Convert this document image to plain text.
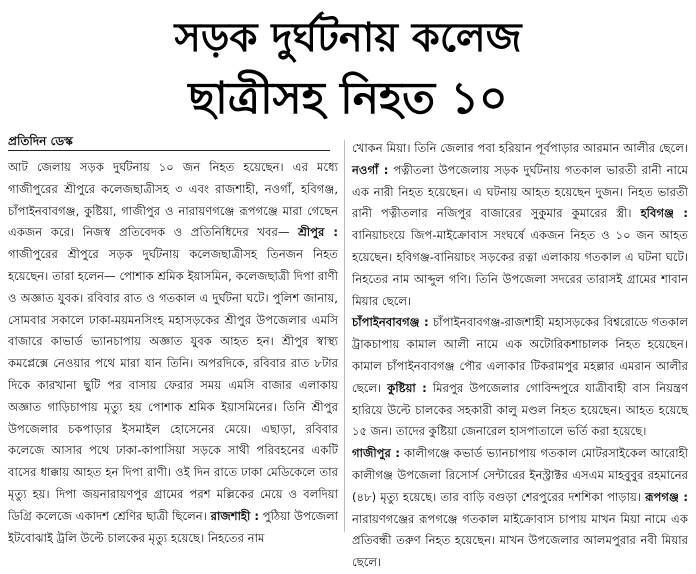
সড়ক দুর্ঘটনায় কলেজ
ছাত্রীসহ নিহত ১০
প্রতিদিন ডেস্ক

আট জেলায় সড়ক দুর্ঘটনায় ১০ জন নিহত হয়েছেন। এর মধ্যে গাজীপুরের শ্রীপুরে কলেজছাত্রীসহ ৩ এবং রাজশাহী, নওগাঁ, হবিগঞ্জ, চাঁপাইনবাবগঞ্জ, কুষ্টিয়া, গাজীপুর ও নারায়ণগঞ্জে রূপগঞ্জে মারা গেছেন একজন করে। নিজস্ব প্রতিবেদক ও প্রতিনিধিদের খবর— শ্রীপুর : গাজীপুরের শ্রীপুরে সড়ক দুর্ঘটনায় কলেজছাত্রীসহ তিনজন নিহত হয়েছেন। তারা হলেন— পোশাক শ্রমিক ইয়াসমিন, কলেজছাত্রী দিপা রাণী ও অজ্ঞাত যুবক। রবিবার রাত ও গতকাল এ দুর্ঘটনা ঘটে। পুলিশ জানায়, সোমবার সকালে ঢাকা-ময়মনসিংহ মহাসড়কের শ্রীপুর উপজেলার এমসি বাজারে কাভার্ড ভ্যানচাপায় অজ্ঞাত যুবক আহত হন। শ্রীপুর স্বাস্থ্য কমপ্লেক্সে নেওয়ার পথে মারা যান তিনি। অপরদিকে, রবিবার রাত ৮টার দিকে কারখানা ছুটি পর বাসায় ফেরার সময় এমসি বাজার এলাকায় অজ্ঞাত গাড়িচাপায় মৃত্যু হয় পোশাক শ্রমিক ইয়াসমিনের। তিনি শ্রীপুর উপজেলার চকপাড়ার ইসমাইল হোসেনের মেয়ে। এছাড়া, রবিবার কলেজে আসার পথে ঢাকা-কাপাসিয়া সড়কে সাথী পরিবহনের একটি বাসের ধাক্কায় আহত হন দিপা রাণী। ওই দিন রাতে ঢাকা মেডিকেলে তার মৃত্যু হয়। দিপা জয়নারায়ণপুর গ্রামের পরশ মল্লিকের মেয়ে ও বলদিয়া ডিগ্রি কলেজে একাদশ শ্রেণির ছাত্রী ছিলেন। রাজশাহী : পুঠিয়া উপজেলা ইটবোঝাই ট্রলি উল্টে চালকের মৃত্যু হয়েছে। নিহতের নাম

খোকন মিয়া। তিনি জেলার পবা হরিয়ান পূর্বপাড়ার আরমান আলীর ছেলে। নওগাঁ : পত্নীতলা উপজেলায় সড়ক দুর্ঘটনায় গতকাল ভারতী রানী নামে এক নারী নিহত হয়েছেন। এ ঘটনায় আহত হয়েছেন দুজন। নিহত ভারতী রানী পত্নীতলার নজিপুর বাজারের সুকুমার কুমারের স্ত্রী। হবিগঞ্জ : বানিয়াচংয়ে জিপ-মাইক্রোবাস সংঘর্ষে একজন নিহত ও ১০ জন আহত হয়েছেন। হবিগঞ্জ-বানিয়াচং সড়কের রত্না এলাকায় গতকাল এ ঘটনা ঘটে। নিহতের নাম আব্দুল গণি। তিনি উপজেলা সদরের তারাসই গ্রামের শাবান মিয়ার ছেলে।

চাঁপাইনবাবগঞ্জ : চাঁপাইনবাবগঞ্জ-রাজশাহী মহাসড়কের বিশ্বরোডে গতকাল ট্রাকচাপায় কামাল আলী নামে এক অটোরিকশাচালক নিহত হয়েছেন। কামাল চাঁপাইনবাবগঞ্জ পৌর এলাকার টিকরামপুর মহল্লার এমরান আলীর ছেলে। কুষ্টিয়া : মিরপুর উপজেলার গোবিন্দপুরে যাত্রীবাহী বাস নিয়ন্ত্রণ হারিয়ে উল্টে চালকের সহকারী কালু মণ্ডল নিহত হয়েছেন। আহত হয়েছে ১৫ জন। তাদের কুষ্টিয়া জেনারেল হাসপাতালে ভর্তি করা হয়েছে।

গাজীপুর : কালীগঞ্জে কভার্ড ভ্যানচাপায় গতকাল মোটরসাইকেল আরোহী কালীগঞ্জ উপজেলা রিসোর্স সেন্টারের ইনস্ট্রাক্টর এসএম মাহবুবুর রহমানের (৪৮) মৃত্যু হয়েছে। তার বাড়ি বগুড়া শেরপুরের দশশিকা পাড়ায়। রূপগঞ্জ : নারায়ণগঞ্জের রূপগঞ্জে গতকাল মাইক্রোবাস চাপায় মাখন মিয়া নামে এক প্রতিবন্ধী তরুণ নিহত হয়েছেন। মাখন উপজেলার আলমপুরার নবী মিয়ার ছেলে।
